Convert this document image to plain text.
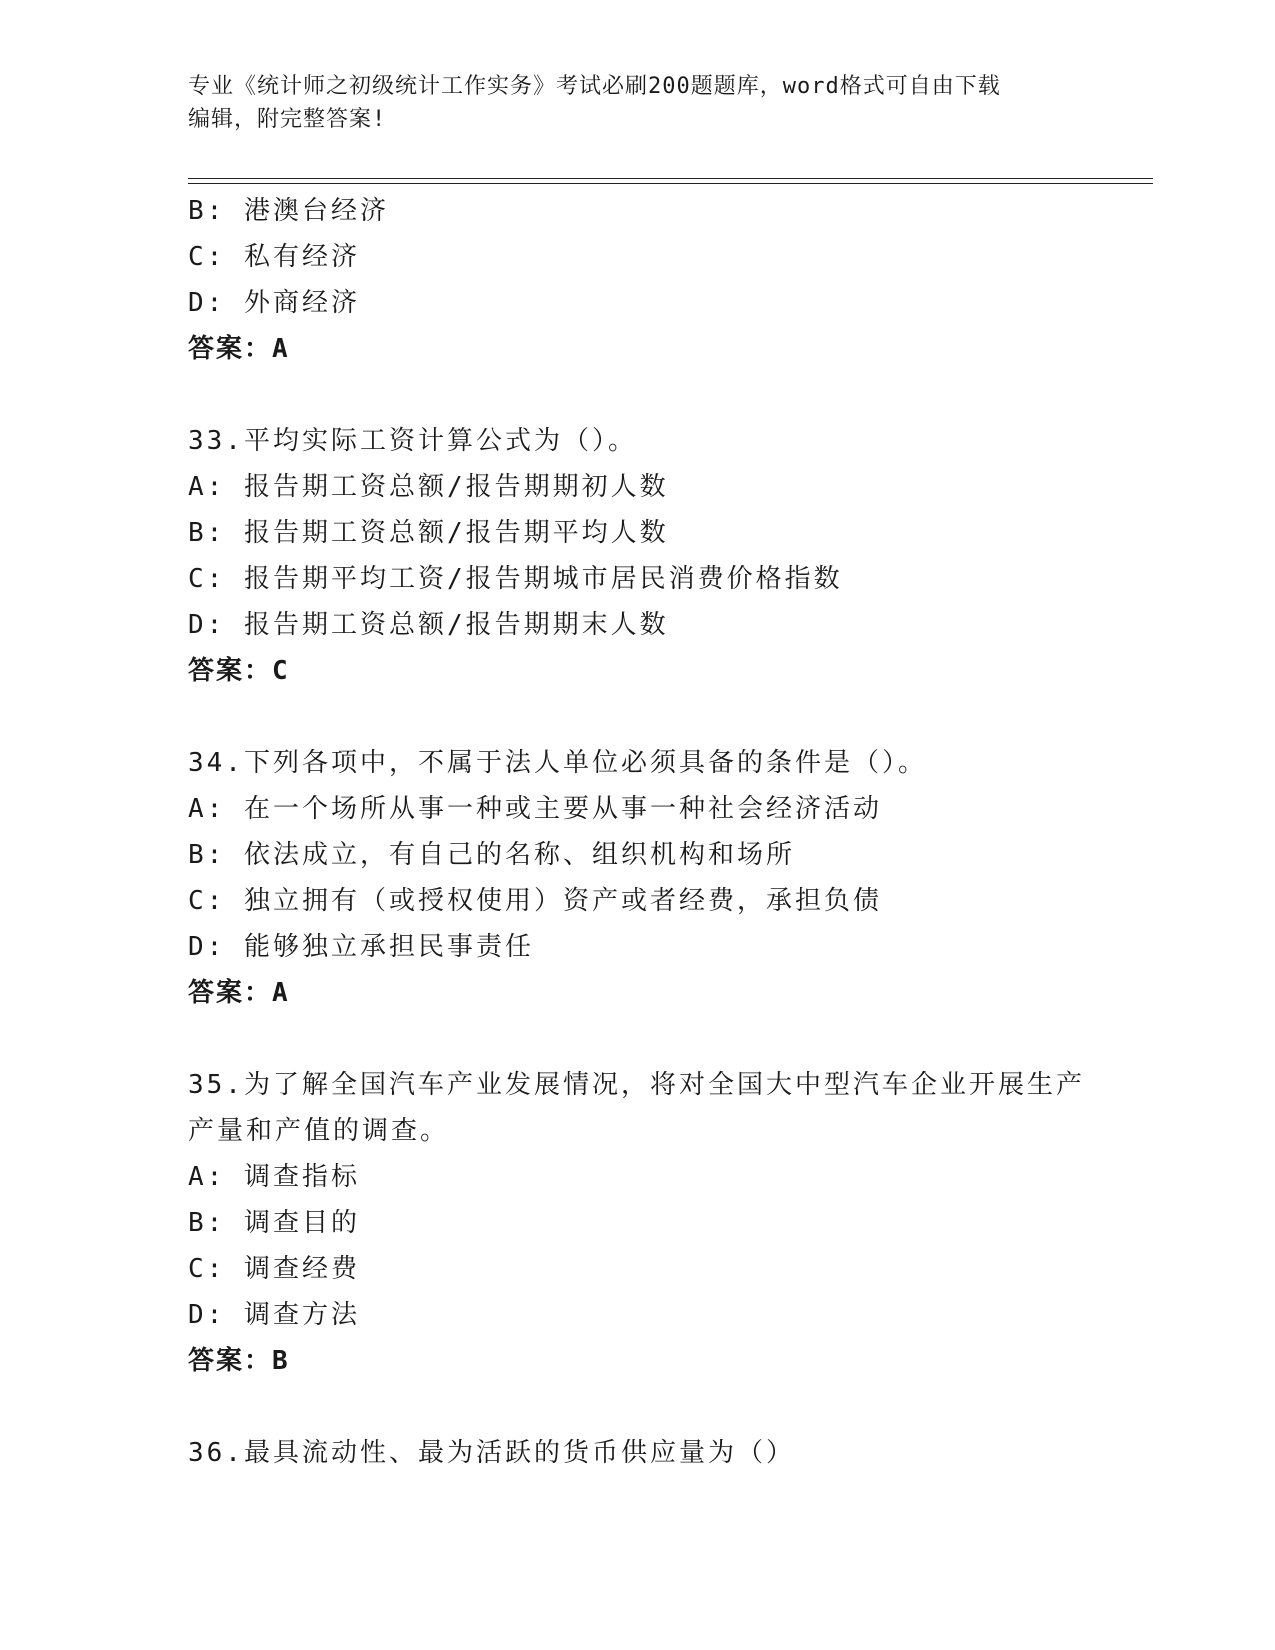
专业《统计师之初级统计工作实务》考试必刷200题题库，word格式可自由下载
编辑，附完整答案!
B: 港澳台经济
C: 私有经济
D: 外商经济
答案：A
33.平均实际工资计算公式为（）。
A: 报告期工资总额/报告期期初人数
B: 报告期工资总额/报告期平均人数
C: 报告期平均工资/报告期城市居民消费价格指数
D: 报告期工资总额/报告期期末人数
答案：C
34.下列各项中，不属于法人单位必须具备的条件是（）。
A: 在一个场所从事一种或主要从事一种社会经济活动
B: 依法成立，有自己的名称、组织机构和场所
C: 独立拥有（或授权使用）资产或者经费，承担负债
D: 能够独立承担民事责任
答案：A
35.为了解全国汽车产业发展情况，将对全国大中型汽车企业开展生产
产量和产值的调查。
A: 调查指标
B: 调查目的
C: 调查经费
D: 调查方法
答案：B
36.最具流动性、最为活跃的货币供应量为（）
